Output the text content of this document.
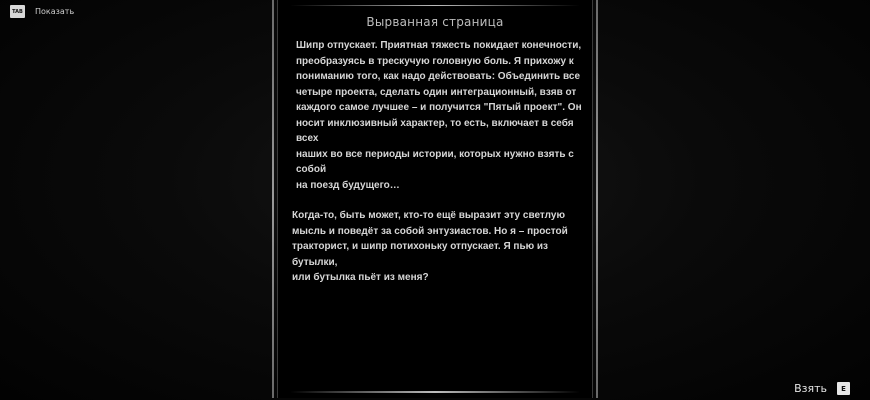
TAB Показать
Вырванная страница

Шипр отпускает. Приятная тяжесть покидает конечности,
преобразуясь в трескучую головную боль. Я прихожу к
пониманию того, как надо действовать: Объединить все
четыре проекта, сделать один интеграционный, взяв от
каждого самое лучшее – и получится "Пятый проект". Он
носит инклюзивный характер, то есть, включает в себя всех
наших во все периоды истории, которых нужно взять с собой
на поезд будущего…

Когда-то, быть может, кто-то ещё выразит эту светлую
мысль и поведёт за собой энтузиастов. Но я – простой
тракторист, и шипр потихоньку отпускает. Я пью из бутылки,
или бутылка пьёт из меня?

Взять	E
